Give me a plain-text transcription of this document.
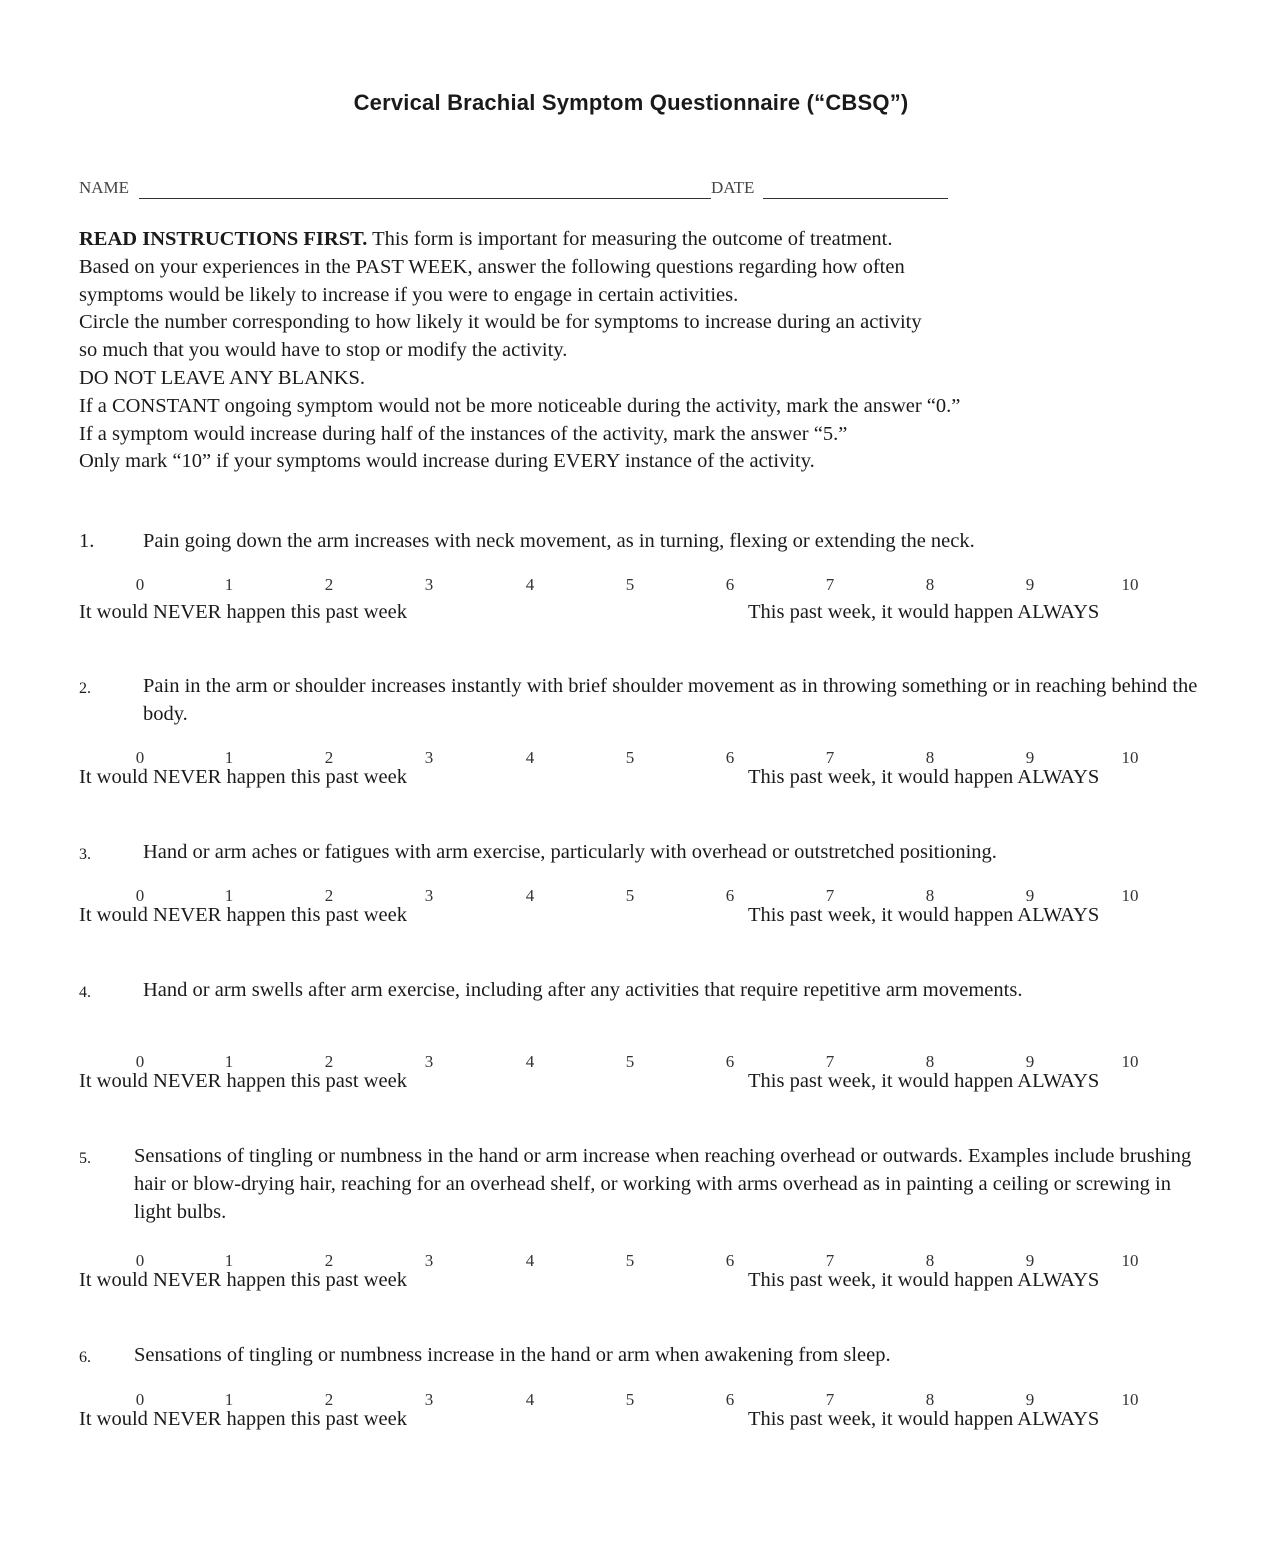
Cervical Brachial Symptom Questionnaire (“CBSQ”)
NAME	DATE
READ INSTRUCTIONS FIRST. This form is important for measuring the outcome of treatment.
Based on your experiences in the PAST WEEK, answer the following questions regarding how often
symptoms would be likely to increase if you were to engage in certain activities.
Circle the number corresponding to how likely it would be for symptoms to increase during an activity
so much that you would have to stop or modify the activity.
DO NOT LEAVE ANY BLANKS.
If a CONSTANT ongoing symptom would not be more noticeable during the activity, mark the answer “0.”
If a symptom would increase during half of the instances of the activity, mark the answer “5.”
Only mark “10” if your symptoms would increase during EVERY instance of the activity.
1. Pain going down the arm increases with neck movement, as in turning, flexing or extending the neck.
0	1	2	3	4	5	6	7	8	9	10
It would NEVER happen this past week	This past week, it would happen ALWAYS
2.	Pain in the arm or shoulder increases instantly with brief shoulder movement as in throwing something or in reaching behind the body.
0	1	2	3	4	5	6	7	8	9	10
It would NEVER happen this past week	This past week, it would happen ALWAYS
3.	Hand or arm aches or fatigues with arm exercise, particularly with overhead or outstretched positioning.
0	1	2	3	4	5	6	7	8	9	10
It would NEVER happen this past week	This past week, it would happen ALWAYS
4.	Hand or arm swells after arm exercise, including after any activities that require repetitive arm movements.
0	1	2	3	4	5	6	7	8	9	10
It would NEVER happen this past week	This past week, it would happen ALWAYS
5. Sensations of tingling or numbness in the hand or arm increase when reaching overhead or outwards. Examples include brushing hair or blow-drying hair, reaching for an overhead shelf, or working with arms overhead as in painting a ceiling or screwing in light bulbs.
0	1	2	3	4	5	6	7	8	9	10
It would NEVER happen this past week	This past week, it would happen ALWAYS
6. Sensations of tingling or numbness increase in the hand or arm when awakening from sleep.
0	1	2	3	4	5	6	7	8	9	10
It would NEVER happen this past week	This past week, it would happen ALWAYS
